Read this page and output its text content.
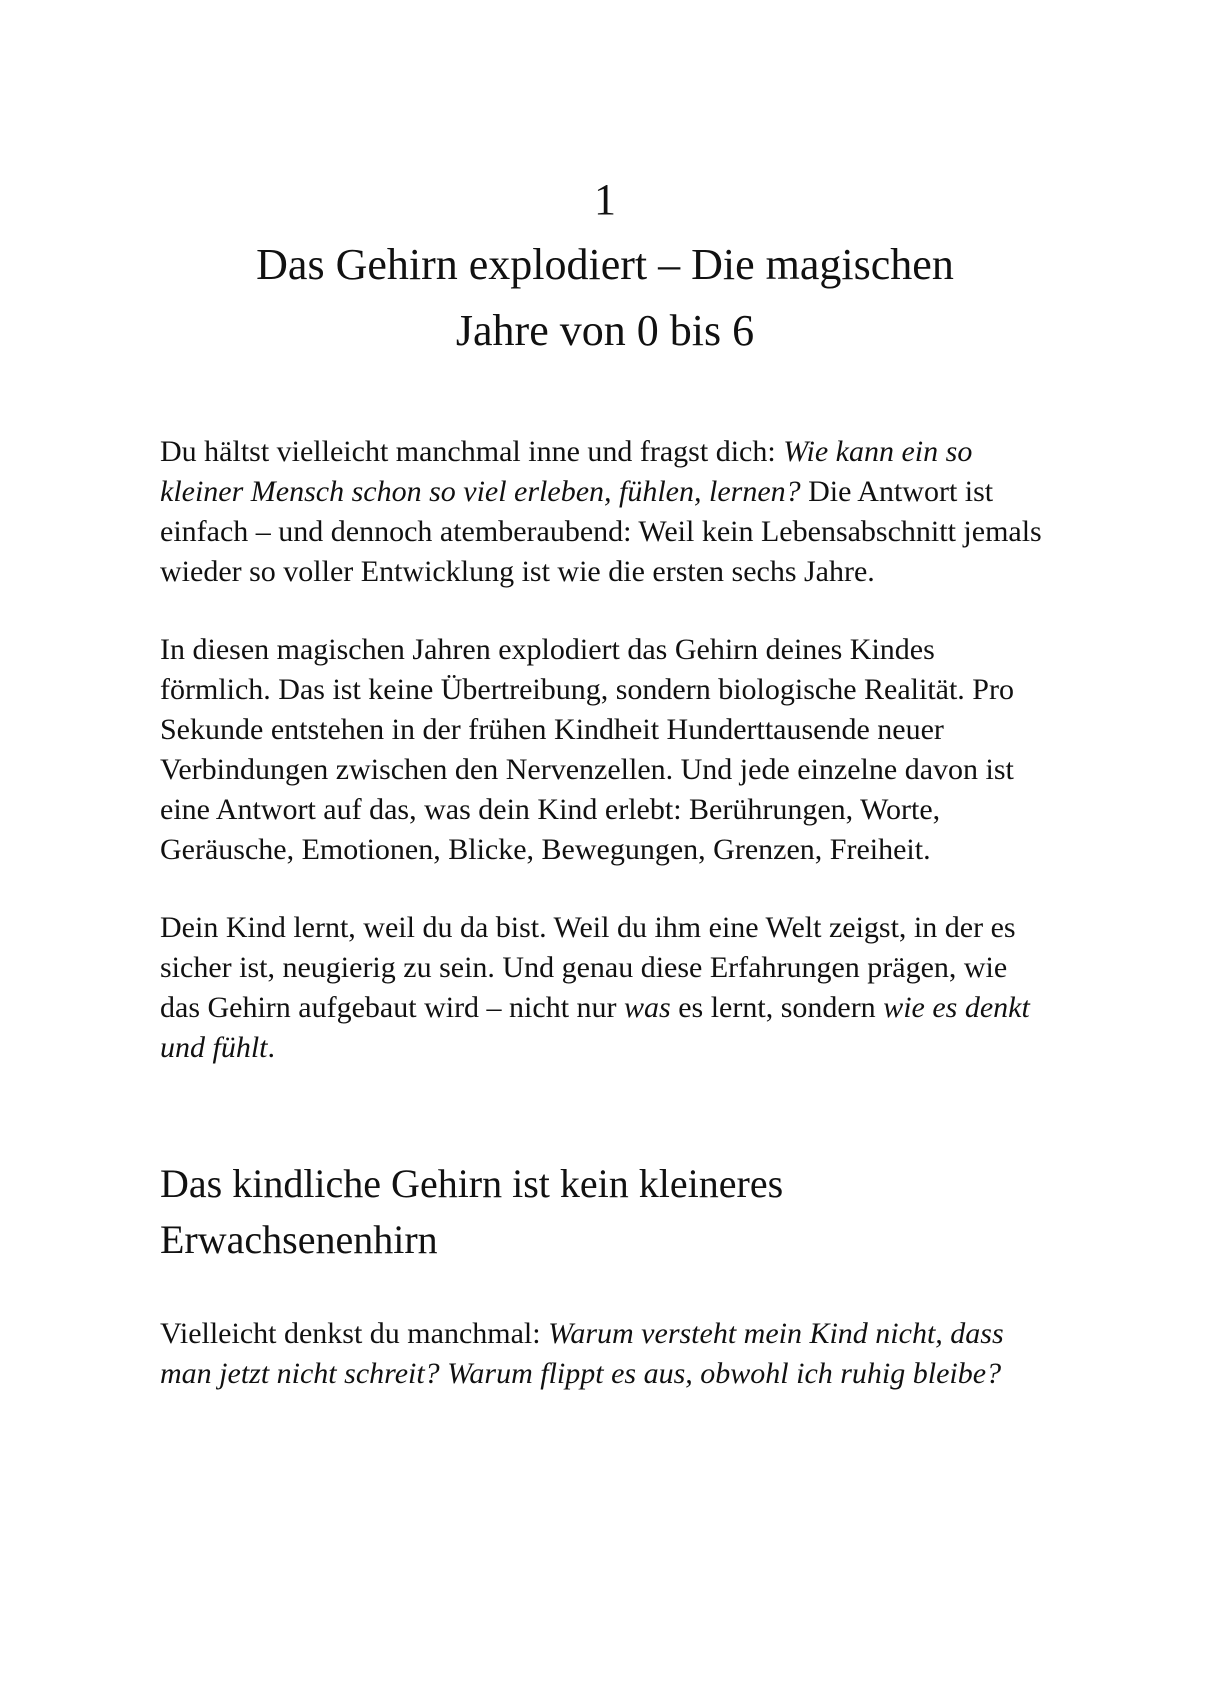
1
Das Gehirn explodiert – Die magischen
Jahre von 0 bis 6

Du hältst vielleicht manchmal inne und fragst dich: Wie kann ein so kleiner Mensch schon so viel erleben, fühlen, lernen? Die Antwort ist einfach – und dennoch atemberaubend: Weil kein Lebensabschnitt jemals wieder so voller Entwicklung ist wie die ersten sechs Jahre.

In diesen magischen Jahren explodiert das Gehirn deines Kindes förmlich. Das ist keine Übertreibung, sondern biologische Realität. Pro Sekunde entstehen in der frühen Kindheit Hunderttausende neuer Verbindungen zwischen den Nervenzellen. Und jede einzelne davon ist eine Antwort auf das, was dein Kind erlebt: Berührungen, Worte, Geräusche, Emotionen, Blicke, Bewegungen, Grenzen, Freiheit.

Dein Kind lernt, weil du da bist. Weil du ihm eine Welt zeigst, in der es sicher ist, neugierig zu sein. Und genau diese Erfahrungen prägen, wie das Gehirn aufgebaut wird – nicht nur was es lernt, sondern wie es denkt und fühlt.

Das kindliche Gehirn ist kein kleineres Erwachsenenhirn

Vielleicht denkst du manchmal: Warum versteht mein Kind nicht, dass man jetzt nicht schreit? Warum flippt es aus, obwohl ich ruhig bleibe?
